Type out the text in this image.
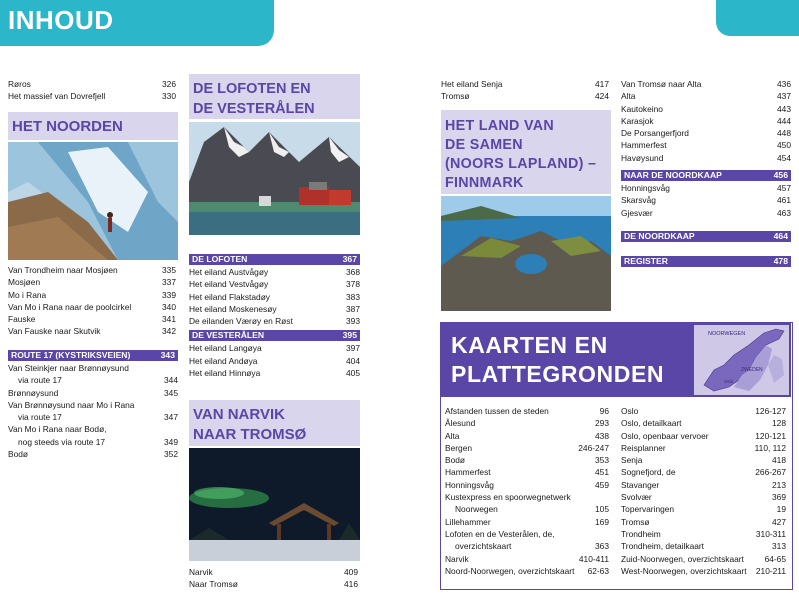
INHOUD
Røros	326
Het massief van Dovrefjell	330
HET NOORDEN
Van Trondheim naar Mosjøen	335
Mosjøen	337
Mo i Rana	339
Van Mo i Rana naar de poolcirkel	340
Fauske	341
Van Fauske naar Skutvik	342
ROUTE 17 (KYSTRIKSVEIEN)	343
Van Steinkjer naar Brønnøysund
via route 17	344
Brønnøysund	345
Van Brønnøysund naar Mo i Rana
via route 17	347
Van Mo i Rana naar Bodø,
nog steeds via route 17	349
Bodø	352
DE LOFOTEN EN
DE VESTERÅLEN
DE LOFOTEN	367
Het eiland Austvågøy	368
Het eiland Vestvågøy	378
Het eiland Flakstadøy	383
Het eiland Moskenesøy	387
De eilanden Værøy en Røst	393
DE VESTERÅLEN	395
Het eiland Langøya	397
Het eiland Andøya	404
Het eiland Hinnøya	405
VAN NARVIK
NAAR TROMSØ
Narvik	409
Naar Tromsø	416
Het eiland Senja	417
Tromsø	424
HET LAND VAN
DE SAMEN
(NOORS LAPLAND) –
FINNMARK
Van Tromsø naar Alta	436
Alta	437
Kautokeino	443
Karasjok	444
De Porsangerfjord	448
Hammerfest	450
Havøysund	454
NAAR DE NOORDKAAP	456
Honningsvåg	457
Skarsvåg	461
Gjesvær	463
DE NOORDKAAP	464
REGISTER	478
KAARTEN EN
PLATTEGRONDEN
NOORWEGEN
ZWEDEN
Oslo
Afstanden tussen de steden	96
Ålesund	293
Alta	438
Bergen	246-247
Bodø	353
Hammerfest	451
Honningsvåg	459
Kustexpress en spoorwegnetwerk
Noorwegen	105
Lillehammer	169
Lofoten en de Vesterålen, de,
overzichtskaart	363
Narvik	410-411
Noord-Noorwegen, overzichtskaart 62-63
Oslo	126-127
Oslo, detailkaart	128
Oslo, openbaar vervoer	120-121
Reisplanner	110, 112
Senja	418
Sognefjord, de	266-267
Stavanger	213
Svolvær	369
Topervaringen	19
Tromsø	427
Trondheim	310-311
Trondheim, detailkaart	313
Zuid-Noorwegen, overzichtskaart 64-65
West-Noorwegen, overzichtskaart 210-211
